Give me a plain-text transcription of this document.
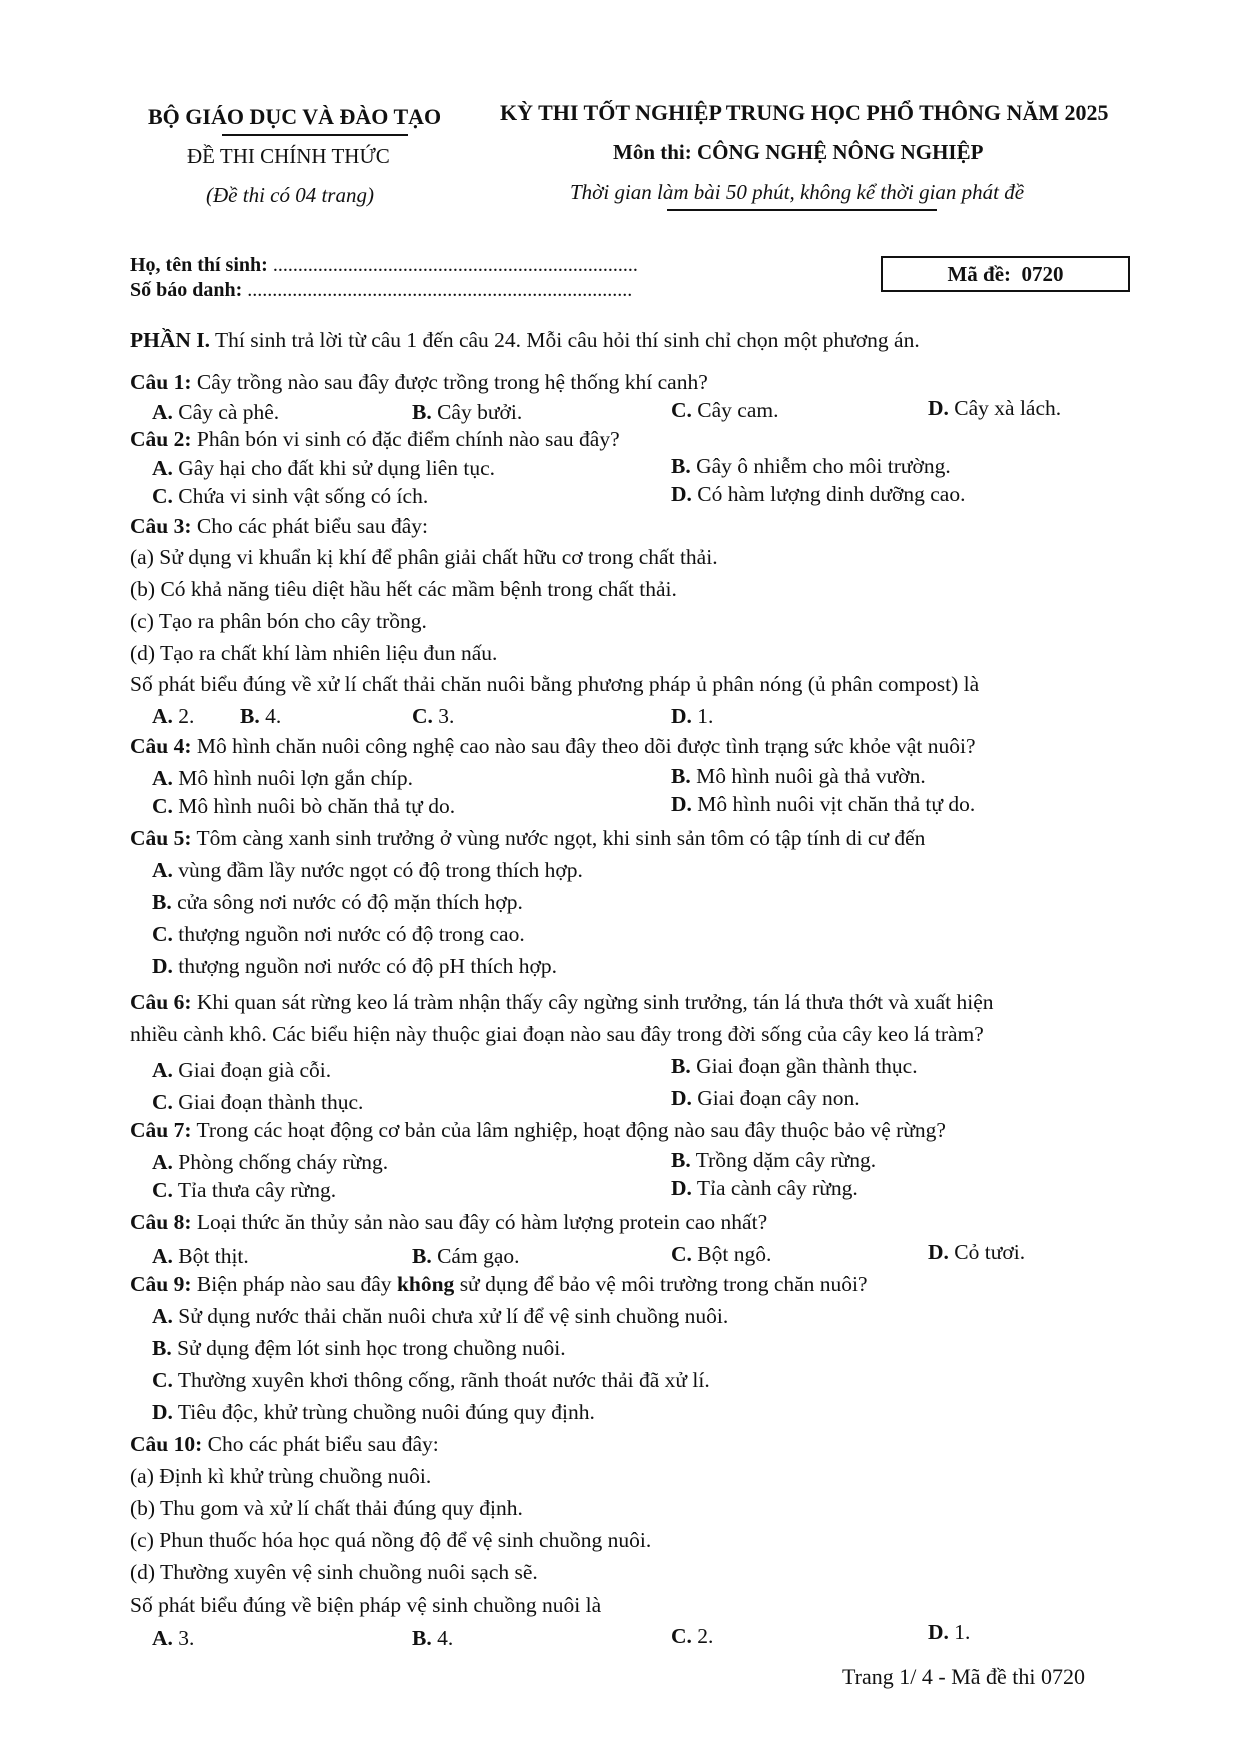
BỘ GIÁO DỤC VÀ ĐÀO TẠO
ĐỀ THI CHÍNH THỨC
(Đề thi có 04 trang)
KỲ THI TỐT NGHIỆP TRUNG HỌC PHỔ THÔNG NĂM 2025
Môn thi: CÔNG NGHỆ NÔNG NGHIỆP
Thời gian làm bài 50 phút, không kể thời gian phát đề
Họ, tên thí sinh: .........................................................................
Số báo danh: .............................................................................
Mã đề: 0720
PHẦN I. Thí sinh trả lời từ câu 1 đến câu 24. Mỗi câu hỏi thí sinh chỉ chọn một phương án.
Câu 1: Cây trồng nào sau đây được trồng trong hệ thống khí canh?
A. Cây cà phê.	B. Cây bưởi.	C. Cây cam.	D. Cây xà lách.
Câu 2: Phân bón vi sinh có đặc điểm chính nào sau đây?
A. Gây hại cho đất khi sử dụng liên tục.	B. Gây ô nhiễm cho môi trường.
C. Chứa vi sinh vật sống có ích.	D. Có hàm lượng dinh dưỡng cao.
Câu 3: Cho các phát biểu sau đây:
(a) Sử dụng vi khuẩn kị khí để phân giải chất hữu cơ trong chất thải.
(b) Có khả năng tiêu diệt hầu hết các mầm bệnh trong chất thải.
(c) Tạo ra phân bón cho cây trồng.
(d) Tạo ra chất khí làm nhiên liệu đun nấu.
Số phát biểu đúng về xử lí chất thải chăn nuôi bằng phương pháp ủ phân nóng (ủ phân compost) là
A. 2. B. 4.	C. 3.	D. 1.
Câu 4: Mô hình chăn nuôi công nghệ cao nào sau đây theo dõi được tình trạng sức khỏe vật nuôi?
A. Mô hình nuôi lợn gắn chíp.	B. Mô hình nuôi gà thả vườn.
C. Mô hình nuôi bò chăn thả tự do.	D. Mô hình nuôi vịt chăn thả tự do.
Câu 5: Tôm càng xanh sinh trưởng ở vùng nước ngọt, khi sinh sản tôm có tập tính di cư đến
A. vùng đầm lầy nước ngọt có độ trong thích hợp.
B. cửa sông nơi nước có độ mặn thích hợp.
C. thượng nguồn nơi nước có độ trong cao.
D. thượng nguồn nơi nước có độ pH thích hợp.
Câu 6: Khi quan sát rừng keo lá tràm nhận thấy cây ngừng sinh trưởng, tán lá thưa thớt và xuất hiện
nhiều cành khô. Các biểu hiện này thuộc giai đoạn nào sau đây trong đời sống của cây keo lá tràm?
A. Giai đoạn già cỗi.	B. Giai đoạn gần thành thục.
C. Giai đoạn thành thục.	D. Giai đoạn cây non.
Câu 7: Trong các hoạt động cơ bản của lâm nghiệp, hoạt động nào sau đây thuộc bảo vệ rừng?
A. Phòng chống cháy rừng.	B. Trồng dặm cây rừng.
C. Tỉa thưa cây rừng.	D. Tỉa cành cây rừng.
Câu 8: Loại thức ăn thủy sản nào sau đây có hàm lượng protein cao nhất?
A. Bột thịt.	B. Cám gạo.	C. Bột ngô.	D. Cỏ tươi.
Câu 9: Biện pháp nào sau đây không sử dụng để bảo vệ môi trường trong chăn nuôi?
A. Sử dụng nước thải chăn nuôi chưa xử lí để vệ sinh chuồng nuôi.
B. Sử dụng đệm lót sinh học trong chuồng nuôi.
C. Thường xuyên khơi thông cống, rãnh thoát nước thải đã xử lí.
D. Tiêu độc, khử trùng chuồng nuôi đúng quy định.
Câu 10: Cho các phát biểu sau đây:
(a) Định kì khử trùng chuồng nuôi.
(b) Thu gom và xử lí chất thải đúng quy định.
(c) Phun thuốc hóa học quá nồng độ để vệ sinh chuồng nuôi.
(d) Thường xuyên vệ sinh chuồng nuôi sạch sẽ.
Số phát biểu đúng về biện pháp vệ sinh chuồng nuôi là
A. 3.	B. 4.	C. 2.	D. 1.
Trang 1/ 4 - Mã đề thi 0720
